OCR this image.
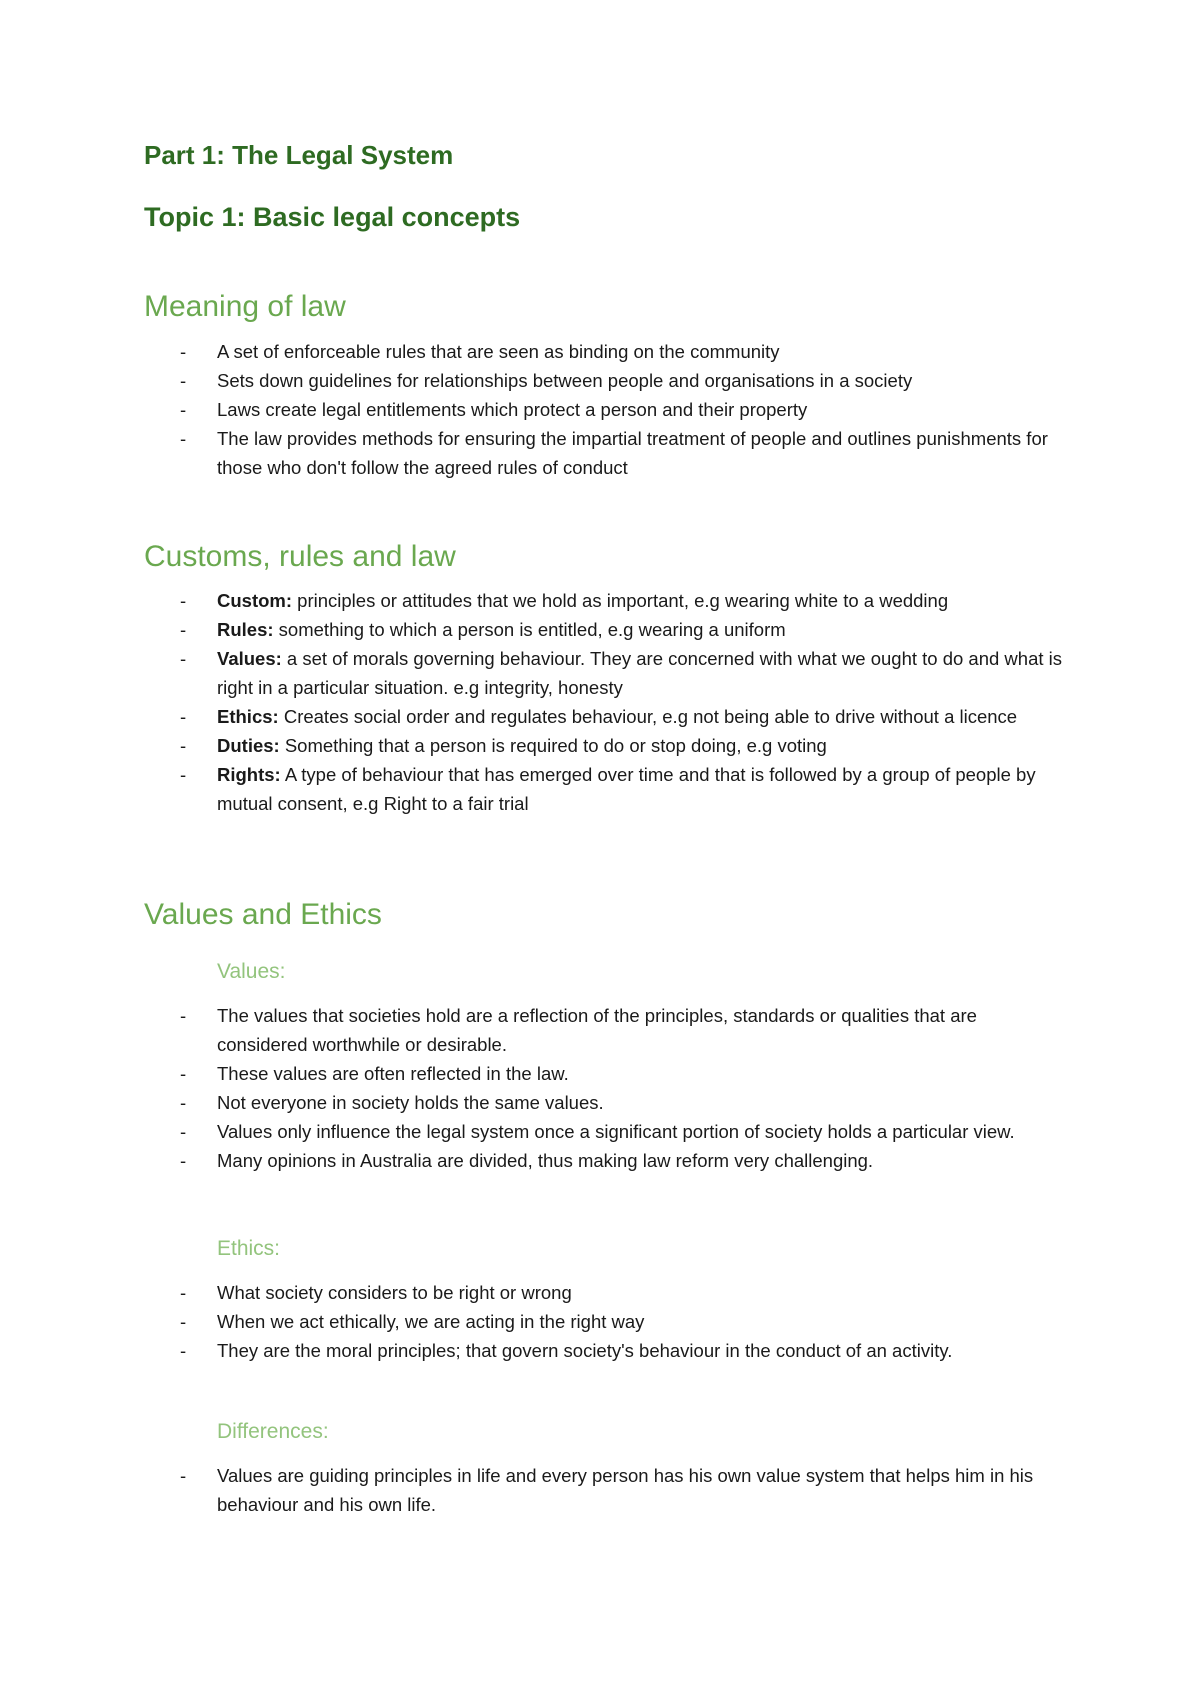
Part 1: The Legal System
Topic 1: Basic legal concepts
Meaning of law
- A set of enforceable rules that are seen as binding on the community
- Sets down guidelines for relationships between people and organisations in a society
- Laws create legal entitlements which protect a person and their property
- The law provides methods for ensuring the impartial treatment of people and outlines punishments for those who don't follow the agreed rules of conduct
Customs, rules and law
- Custom: principles or attitudes that we hold as important, e.g wearing white to a wedding
- Rules: something to which a person is entitled, e.g wearing a uniform
- Values: a set of morals governing behaviour. They are concerned with what we ought to do and what is right in a particular situation. e.g integrity, honesty
- Ethics: Creates social order and regulates behaviour, e.g not being able to drive without a licence
- Duties: Something that a person is required to do or stop doing, e.g voting
- Rights: A type of behaviour that has emerged over time and that is followed by a group of people by mutual consent, e.g Right to a fair trial
Values and Ethics
Values:
- The values that societies hold are a reflection of the principles, standards or qualities that are considered worthwhile or desirable.
- These values are often reflected in the law.
- Not everyone in society holds the same values.
- Values only influence the legal system once a significant portion of society holds a particular view.
- Many opinions in Australia are divided, thus making law reform very challenging.
Ethics:
- What society considers to be right or wrong
- When we act ethically, we are acting in the right way
- They are the moral principles; that govern society's behaviour in the conduct of an activity.
Differences:
- Values are guiding principles in life and every person has his own value system that helps him in his behaviour and his own life.
